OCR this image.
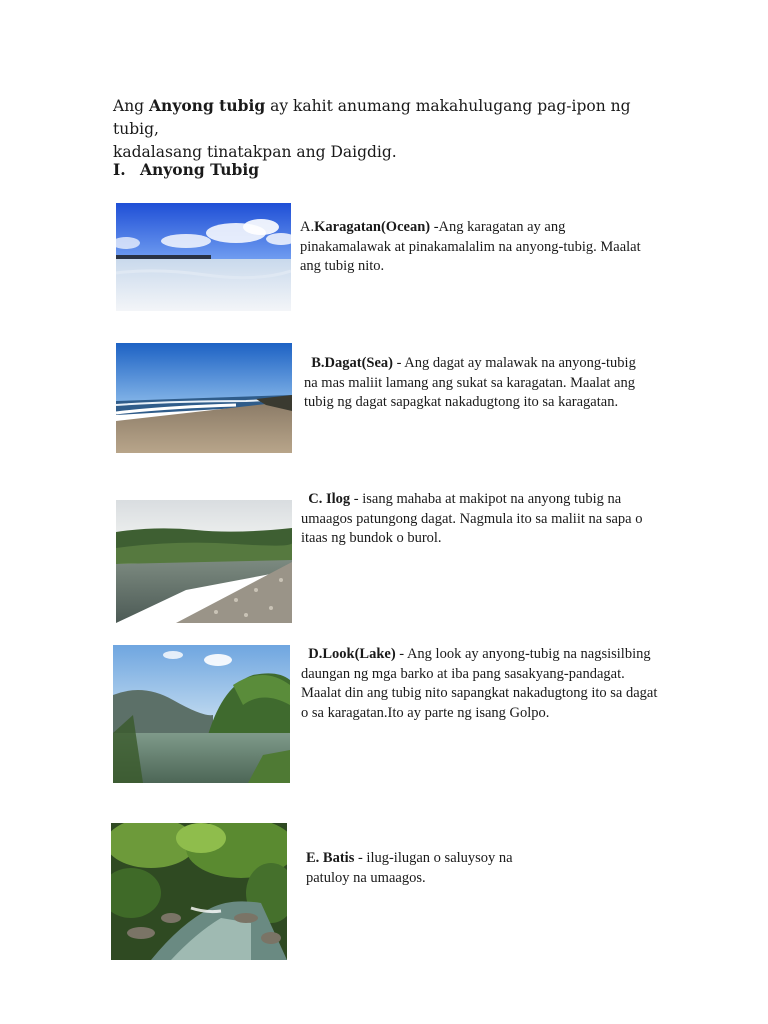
Ang Anyong tubig ay kahit anumang makahulugang pag-ipon ng tubig,
kadalasang tinatakpan ang Daigdig.
I. Anyong Tubig
A.Karagatan(Ocean) -Ang karagatan ay ang pinakamalawak at pinakamalalim na anyong-tubig. Maalat ang tubig nito.
B.Dagat(Sea) - Ang dagat ay malawak na anyong-tubig na mas maliit lamang ang sukat sa karagatan. Maalat ang tubig ng dagat sapagkat nakadugtong ito sa karagatan.
C. Ilog - isang mahaba at makipot na anyong tubig na umaagos patungong dagat. Nagmula ito sa maliit na sapa o itaas ng bundok o burol.
D.Look(Lake) - Ang look ay anyong-tubig na nagsisilbing daungan ng mga barko at iba pang sasakyang-pandagat. Maalat din ang tubig nito sapangkat nakadugtong ito sa dagat o sa karagatan.Ito ay parte ng isang Golpo.
E. Batis - ilug-ilugan o saluysoy na patuloy na umaagos.
